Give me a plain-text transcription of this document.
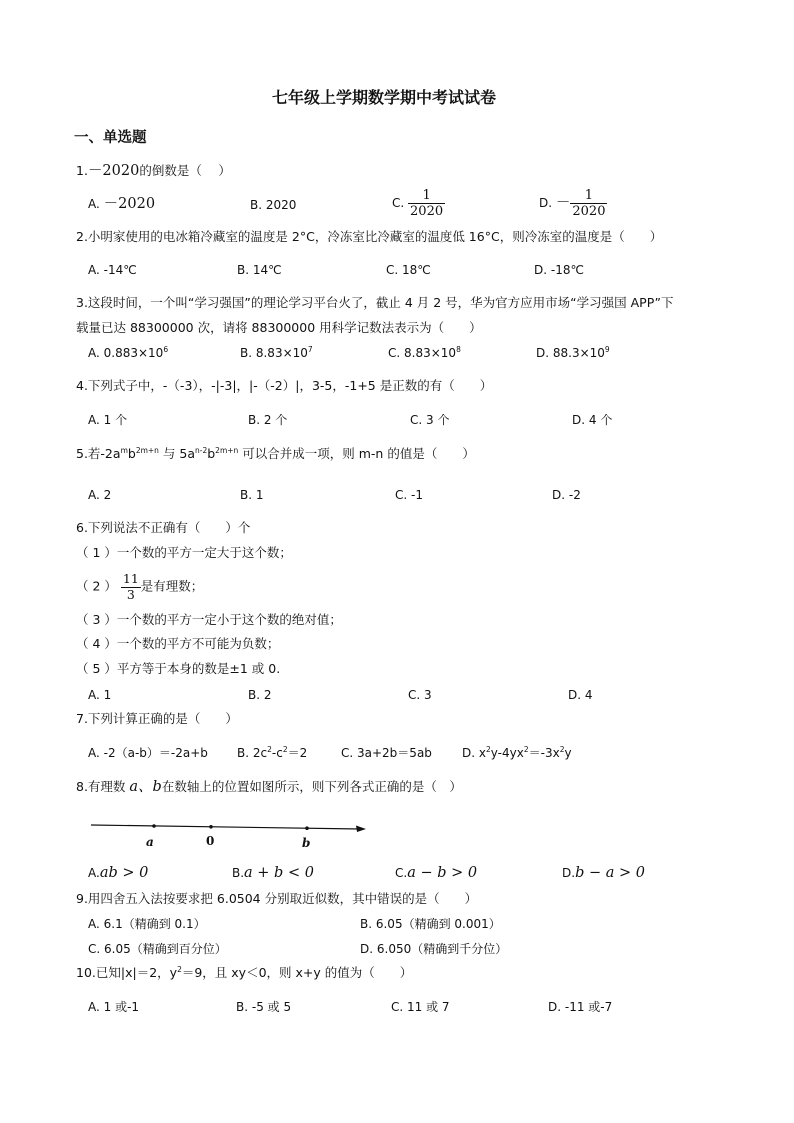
七年级上学期数学期中考试试卷
一、单选题
1.－2020的倒数是（　 ）
A. －2020	B. 2020	C. $\frac{1}{2020}$	D. － $\frac{1}{2020}$
2.小明家使用的电冰箱冷藏室的温度是 2°C，冷冻室比冷藏室的温度低 16°C，则冷冻室的温度是（　　）
A. -14℃	B. 14℃	C. 18℃	D. -18℃
3.这段时间，一个叫“学习强国”的理论学习平台火了，截止 4 月 2 号，华为官方应用市场“学习强国 APP”下
载量已达 88300000 次，请将 88300000 用科学记数法表示为（　　）
A. $0.883\times 10^6$	B. $8.83\times 10^7$	C. $8.83\times 10^8$	D. $88.3\times 10^9$
4.下列式子中，-（-3），-|-3|，|-（-2）|，3-5，-1+5 是正数的有（　　）
A. 1 个	B. 2 个	C. 3 个	D. 4 个
5.若$-2a^mb^{2m+n}$ 与 $5a^{n-2}b^{2m+n}$ 可以合并成一项，则 m-n 的值是（　　）
A. 2	B. 1	C. -1	D. -2
6.下列说法不正确有（　　）个
（ 1 ）一个数的平方一定大于这个数；
（ 2 ） $\frac{11}{3}$ 是有理数；
（ 3 ）一个数的平方一定小于这个数的绝对值；
（ 4 ）一个数的平方不可能为负数；
（ 5 ）平方等于本身的数是±1 或 0.
A. 1	B. 2	C. 3	D. 4
7.下列计算正确的是（　　）
A. -2（a-b）＝-2a+b B. $2c^2-c^2=2$	C. 3a+2b＝5ab	D. $x^2y-4yx^2=-3x^2y$
8.有理数 a、b在数轴上的位置如图所示，则下列各式正确的是（　）
a	0	b
A.ab > 0	B.a + b < 0	C.a − b > 0	D.b − a > 0
9.用四舍五入法按要求把 6.0504 分别取近似数，其中错误的是（　　）
A. 6.1（精确到 0.1）	B. 6.05（精确到 0.001）
C. 6.05（精确到百分位）	D. 6.050（精确到千分位）
10.已知|x|＝2，$y^2=9$，且 xy＜0，则 x+y 的值为（　　）
A. 1 或-1	B. -5 或 5	C. 11 或 7	D. -11 或-7
